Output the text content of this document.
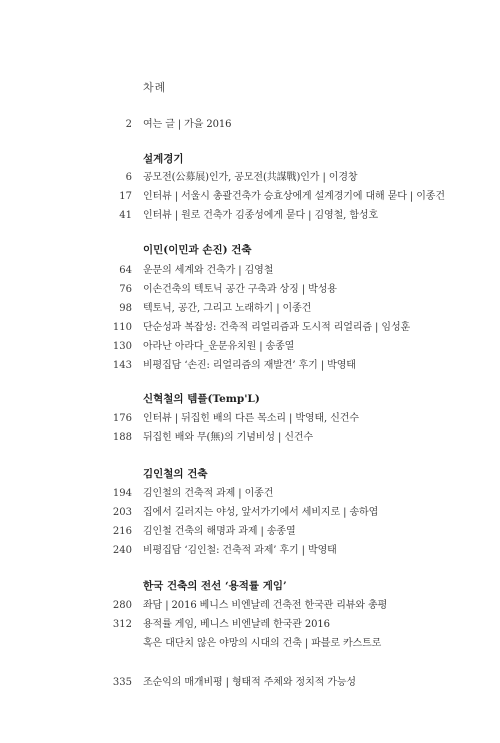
차례
2 여는 글 | 가을 2016
설계경기
6 공모전(公募展)인가, 공모전(共謀戰)인가 | 이경창
17 인터뷰 | 서울시 총괄건축가 승효상에게 설계경기에 대해 묻다 | 이종건
41 인터뷰 | 원로 건축가 김종성에게 묻다 | 김영철, 함성호
이민(이민과 손진) 건축
64 운문의 세계와 건축가 | 김영철
76 이손건축의 텍토닉 공간 구축과 상징 | 박성용
98 텍토닉, 공간, 그리고 노래하기 | 이종건
110 단순성과 복잡성: 건축적 리얼리즘과 도시적 리얼리즘 | 임성훈
130 아라난 아라다_운문유치원 | 송종열
143 비평집담 ‘손진: 리얼리즘의 재발견’ 후기 | 박영태
신혁철의 템플(Temp'L)
176 인터뷰 | 뒤집힌 배의 다른 목소리 | 박영태, 신건수
188 뒤집힌 배와 무(無)의 기념비성 | 신건수
김인철의 건축
194 김인철의 건축적 과제 | 이종건
203 집에서 길러지는 야성, 앞서가기에서 세비지로 | 송하엽
216 김인철 건축의 해명과 과제 | 송종열
240 비평집담 ‘김인철: 건축적 과제’ 후기 | 박영태
한국 건축의 전선 ‘용적률 게임’
280 좌담 | 2016 베니스 비엔날레 건축전 한국관 리뷰와 총평
312 용적률 게임, 베니스 비엔날레 한국관 2016
혹은 대단치 않은 야망의 시대의 건축 | 파블로 카스트로
335 조순익의 매개비평 | 형태적 주체와 정치적 가능성
